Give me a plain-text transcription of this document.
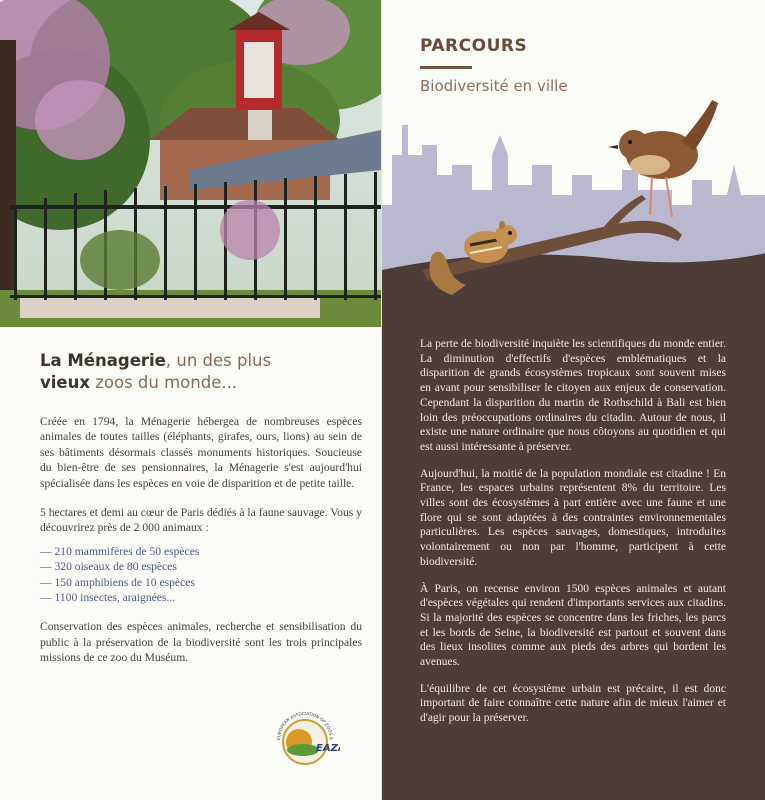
La Ménagerie, un des plus
vieux zoos du monde...

Créée en 1794, la Ménagerie hébergea de nombreuses espèces animales de toutes tailles (éléphants, girafes, ours, lions) au sein de ses bâtiments désormais classés monuments historiques. Soucieuse du bien-être de ses pensionnaires, la Ménagerie s'est aujourd'hui spécialisée dans les espèces en voie de disparition et de petite taille.

5 hectares et demi au cœur de Paris dédiés à la faune sauvage. Vous y découvrirez près de 2 000 animaux :

— 210 mammifères de 50 espèces
— 320 oiseaux de 80 espèces
— 150 amphibiens de 10 espèces
— 1100 insectes, araignées...

Conservation des espèces animales, recherche et sensibilisation du public à la préservation de la biodiversité sont les trois principales missions de ce zoo du Muséum.

EUROPEAN ASSOCIATION OF ZOOS A
EAZ
PARCOURS
Biodiversité en ville

La perte de biodiversité inquiète les scientifiques du monde entier. La diminution d'effectifs d'espèces emblématiques et la disparition de grands écosystèmes tropicaux sont souvent mises en avant pour sensibiliser le citoyen aux enjeux de conservation. Cependant la disparition du martin de Rothschild à Bali est bien loin des préoccupations ordinaires du citadin. Autour de nous, il existe une nature ordinaire que nous côtoyons au quotidien et qui est aussi intéressante à préserver.

Aujourd'hui, la moitié de la population mondiale est citadine ! En France, les espaces urbains représentent 8% du territoire. Les villes sont des écosystèmes à part entière avec une faune et une flore qui se sont adaptées à des contraintes environnementales particulières. Les espèces sauvages, domestiques, introduites volontairement ou non par l'homme, participent à cette biodiversité.

À Paris, on recense environ 1500 espèces animales et autant d'espèces végétales qui rendent d'importants services aux citadins. Si la majorité des espèces se concentre dans les friches, les parcs et les bords de Seine, la biodiversité est partout et souvent dans des lieux insolites comme aux pieds des arbres qui bordent les avenues.

L'équilibre de cet écosystème urbain est précaire, il est donc important de faire connaître cette nature afin de mieux l'aimer et d'agir pour la préserver.
